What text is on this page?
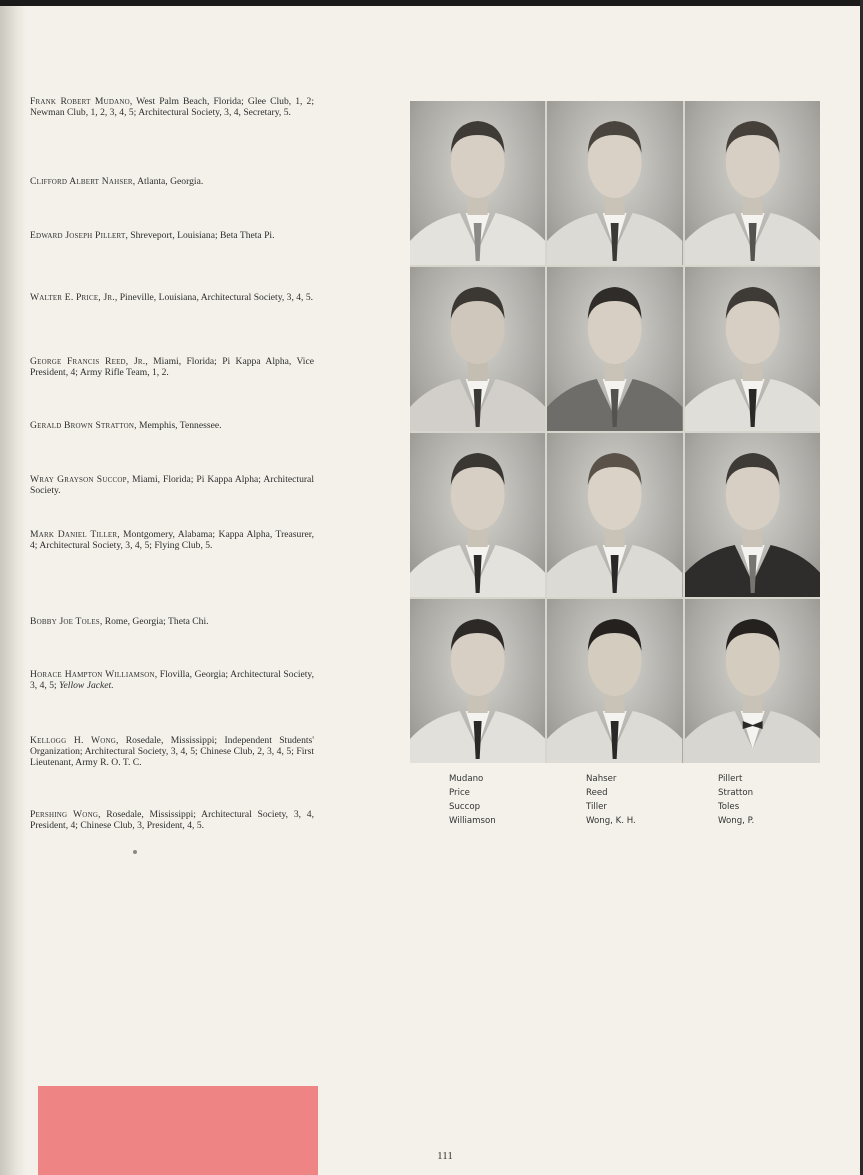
Frank Robert Mudano, West Palm Beach, Florida; Glee Club, 1, 2; Newman Club, 1, 2, 3, 4, 5; Architectural Society, 3, 4, Secretary, 5.

Clifford Albert Nahser, Atlanta, Georgia.

Edward Joseph Pillert, Shreveport, Louisiana; Beta Theta Pi.

Walter E. Price, Jr., Pineville, Louisiana, Architectural Society, 3, 4, 5.

George Francis Reed, Jr., Miami, Florida; Pi Kappa Alpha, Vice President, 4; Army Rifle Team, 1, 2.

Gerald Brown Stratton, Memphis, Tennessee.

Wray Grayson Succop, Miami, Florida; Pi Kappa Alpha; Architectural Society.

Mark Daniel Tiller, Montgomery, Alabama; Kappa Alpha, Treasurer, 4; Architectural Society, 3, 4, 5; Flying Club, 5.

Bobby Joe Toles, Rome, Georgia; Theta Chi.

Horace Hampton Williamson, Flovilla, Georgia; Architectural Society, 3, 4, 5; Yellow Jacket.

Kellogg H. Wong, Rosedale, Mississippi; Independent Students' Organization; Architectural Society, 3, 4, 5; Chinese Club, 2, 3, 4, 5; First Lieutenant, Army R. O. T. C.

Pershing Wong, Rosedale, Mississippi; Architectural Society, 3, 4, President, 4; Chinese Club, 3, President, 4, 5.

Mudano
Price
Succop
Williamson
Nahser
Reed
Tiller
Wong, K. H.
Pillert
Stratton
Toles
Wong, P.
111
